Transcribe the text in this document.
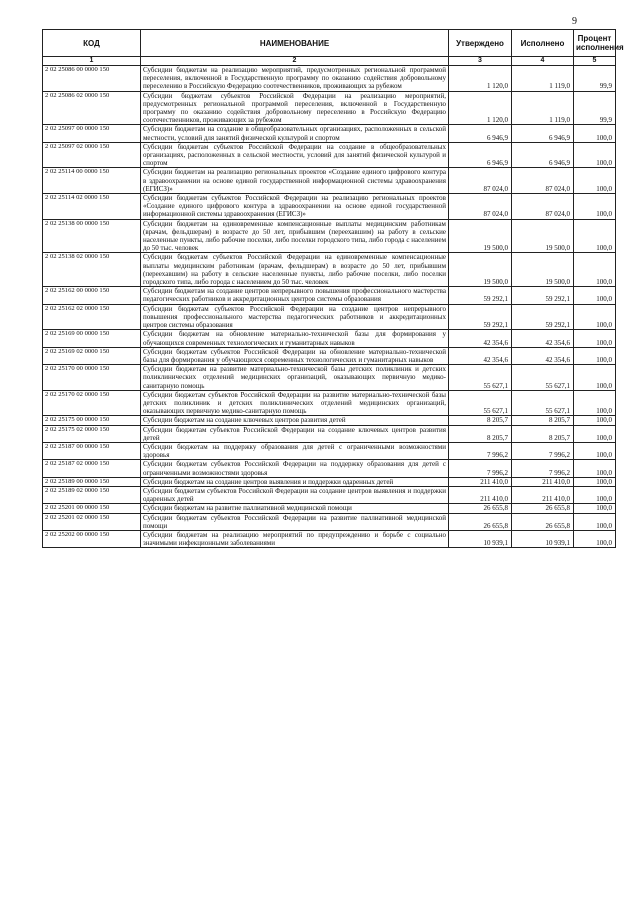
9
КОД	НАИМЕНОВАНИЕ	Утверждено	Исполнено	Процент исполнения
1	2	3	4	5
2 02 25086 00 0000 150	Субсидии бюджетам на реализацию мероприятий, предусмотренных региональной программой переселения, включенной в Государственную программу по оказанию содействия добровольному переселению в Российскую Федерацию соотечественников, проживающих за рубежом	1 120,0	1 119,0	99,9
2 02 25086 02 0000 150	Субсидии бюджетам субъектов Российской Федерации на реализацию мероприятий, предусмотренных региональной программой переселения, включенной в Государственную программу по оказанию содействия добровольному переселению в Российскую Федерацию соотечественников, проживающих за рубежом	1 120,0	1 119,0	99,9
2 02 25097 00 0000 150	Субсидии бюджетам на создание в общеобразовательных организациях, расположенных в сельской местности, условий для занятий физической культурой и спортом	6 946,9	6 946,9	100,0
2 02 25097 02 0000 150	Субсидии бюджетам субъектов Российской Федерации на создание в общеобразовательных организациях, расположенных в сельской местности, условий для занятий физической культурой и спортом	6 946,9	6 946,9	100,0
2 02 25114 00 0000 150	Субсидии бюджетам на реализацию региональных проектов «Создание единого цифрового контура в здравоохранении на основе единой государственной информационной системы здравоохранения (ЕГИСЗ)»	87 024,0	87 024,0	100,0
2 02 25114 02 0000 150	Субсидии бюджетам субъектов Российской Федерации на реализацию региональных проектов «Создание единого цифрового контура в здравоохранении на основе единой государственной информационной системы здравоохранения (ЕГИСЗ)»	87 024,0	87 024,0	100,0
2 02 25138 00 0000 150	Субсидии бюджетам на единовременные компенсационные выплаты медицинским работникам (врачам, фельдшерам) в возрасте до 50 лет, прибывшим (переехавшим) на работу в сельские населенные пункты, либо рабочие поселки, либо поселки городского типа, либо города с населением до 50 тыс. человек	19 500,0	19 500,0	100,0
2 02 25138 02 0000 150	Субсидии бюджетам субъектов Российской Федерации на единовременные компенсационные выплаты медицинским работникам (врачам, фельдшерам) в возрасте до 50 лет, прибывшим (переехавшим) на работу в сельские населенные пункты, либо рабочие поселки, либо поселки городского типа, либо города с населением до 50 тыс. человек	19 500,0	19 500,0	100,0
2 02 25162 00 0000 150	Субсидии бюджетам на создание центров непрерывного повышения профессионального мастерства педагогических работников и аккредитационных центров системы образования	59 292,1	59 292,1	100,0
2 02 25162 02 0000 150	Субсидии бюджетам субъектов Российской Федерации на создание центров непрерывного повышения профессионального мастерства педагогических работников и аккредитационных центров системы образования	59 292,1	59 292,1	100,0
2 02 25169 00 0000 150	Субсидии бюджетам на обновление материально-технической базы для формирования у обучающихся современных технологических и гуманитарных навыков	42 354,6	42 354,6	100,0
2 02 25169 02 0000 150	Субсидии бюджетам субъектов Российской Федерации на обновление материально-технической базы для формирования у обучающихся современных технологических и гуманитарных навыков	42 354,6	42 354,6	100,0
2 02 25170 00 0000 150	Субсидии бюджетам на развитие материально-технической базы детских поликлиник и детских поликлинических отделений медицинских организаций, оказывающих первичную медико-санитарную помощь	55 627,1	55 627,1	100,0
2 02 25170 02 0000 150	Субсидии бюджетам субъектов Российской Федерации на развитие материально-технической базы детских поликлиник и детских поликлинических отделений медицинских организаций, оказывающих первичную медико-санитарную помощь	55 627,1	55 627,1	100,0
2 02 25175 00 0000 150	Субсидии бюджетам на создание ключевых центров развития детей	8 205,7	8 205,7	100,0
2 02 25175 02 0000 150	Субсидии бюджетам субъектов Российской Федерации на создание ключевых центров развития детей	8 205,7	8 205,7	100,0
2 02 25187 00 0000 150	Субсидии бюджетам на поддержку образования для детей с ограниченными возможностями здоровья	7 996,2	7 996,2	100,0
2 02 25187 02 0000 150	Субсидии бюджетам субъектов Российской Федерации на поддержку образования для детей с ограниченными возможностями здоровья	7 996,2	7 996,2	100,0
2 02 25189 00 0000 150	Субсидии бюджетам на создание центров выявления и поддержки одаренных детей	211 410,0	211 410,0	100,0
2 02 25189 02 0000 150	Субсидии бюджетам субъектов Российской Федерации на создание центров выявления и поддержки одаренных детей	211 410,0	211 410,0	100,0
2 02 25201 00 0000 150	Субсидии бюджетам на развитие паллиативной медицинской помощи	26 655,8	26 655,8	100,0
2 02 25201 02 0000 150	Субсидии бюджетам субъектов Российской Федерации на развитие паллиативной медицинской помощи	26 655,8	26 655,8	100,0
2 02 25202 00 0000 150	Субсидии бюджетам на реализацию мероприятий по предупреждению и борьбе с социально значимыми инфекционными заболеваниями	10 939,1	10 939,1	100,0
